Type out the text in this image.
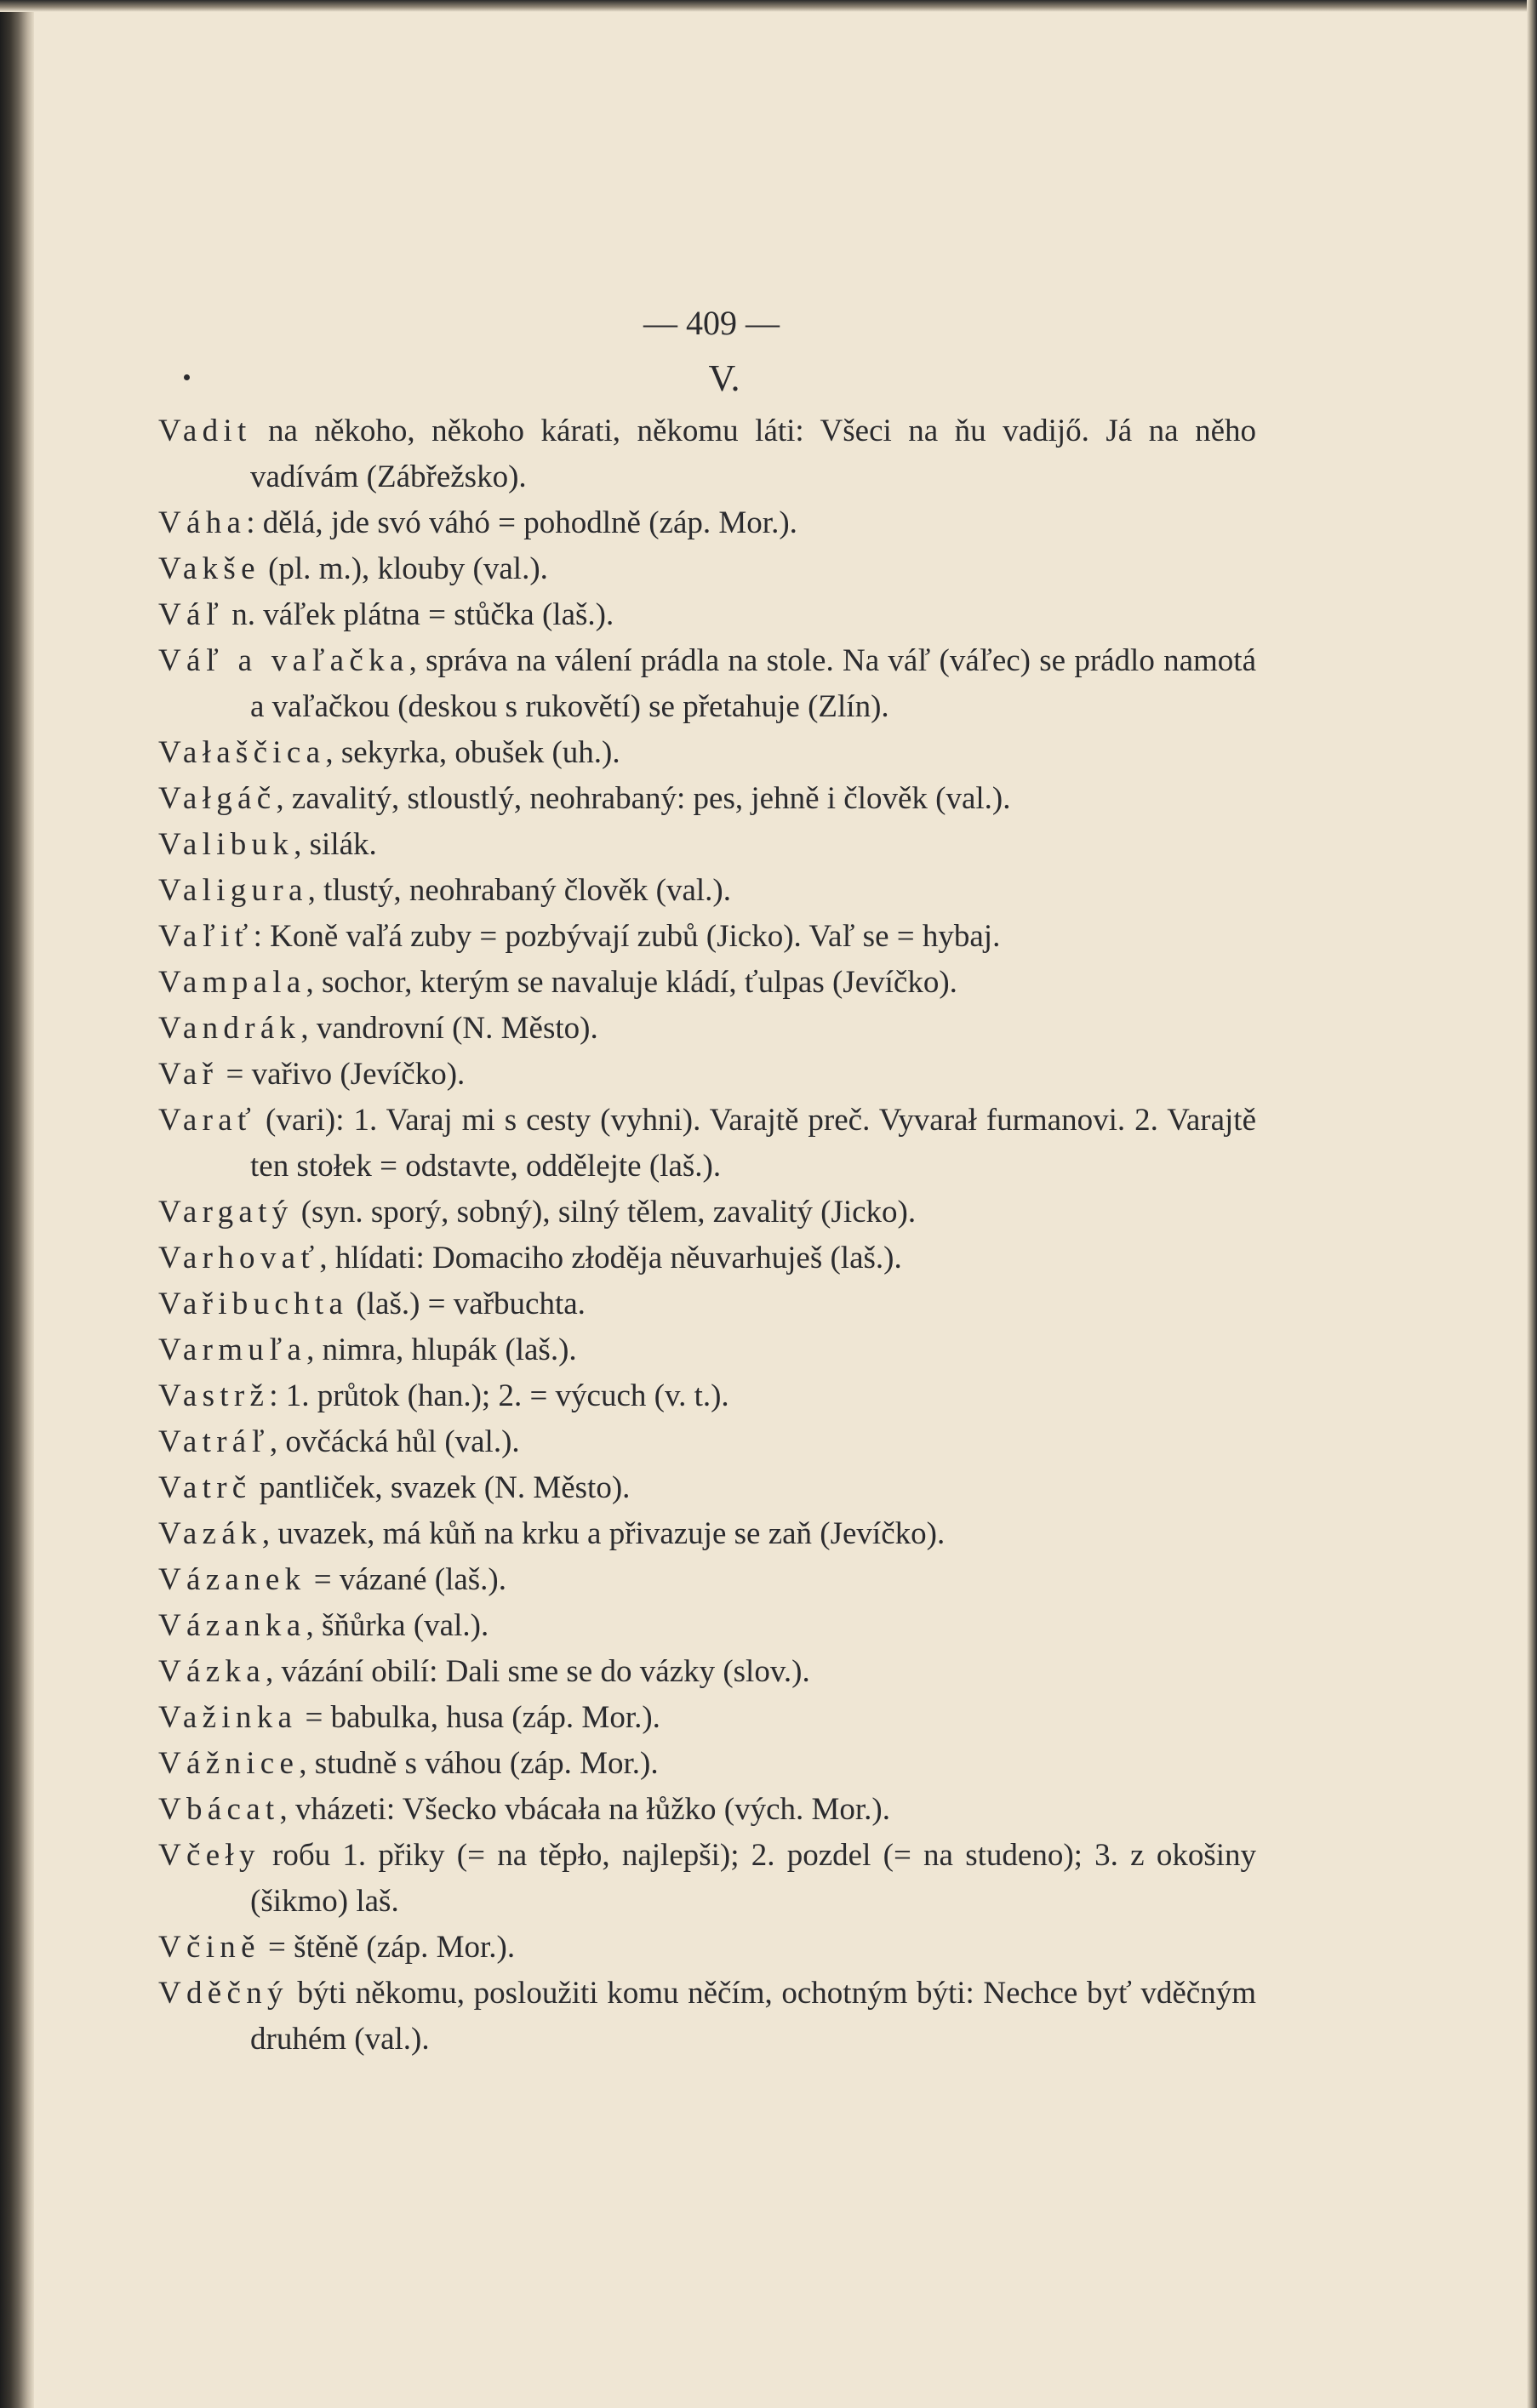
— 409 —
V.
Vadit na někoho, někoho kárati, někomu láti: Všeci na ňu vadijő. Já na něho vadívám (Zábřežsko).
Váha: dělá, jde svó váhó = pohodlně (záp. Mor.).
Vakše (pl. m.), klouby (val.).
Váľ n. váľek plátna = stůčka (laš.).
Váľ a vaľačka, správa na válení prádla na stole. Na váľ (váľec) se prádlo namotá a vaľačkou (deskou s rukovětí) se přetahuje (Zlín).
Vałaščica, sekyrka, obušek (uh.).
Vałgáč, zavalitý, stloustlý, neohrabaný: pes, jehně i člověk (val.).
Valibuk, silák.
Valigura, tlustý, neohrabaný člověk (val.).
Vaľiť: Koně vaľá zuby = pozbývají zubů (Jicko). Vaľ se = hybaj.
Vampala, sochor, kterým se navaluje kládí, ťulpas (Jevíčko).
Vandrák, vandrovní (N. Město).
Vař = vařivo (Jevíčko).
Varať (vari): 1. Varaj mi s cesty (vyhni). Varajtě preč. Vyvarał furmanovi. 2. Varajtě ten stołek = odstavte, oddělejte (laš.).
Vargatý (syn. sporý, sobný), silný tělem, zavalitý (Jicko).
Varhovať, hlídati: Domaciho złoděja něuvarhuješ (laš.).
Vařibuchta (laš.) = vařbuchta.
Varmuľa, nimra, hlupák (laš.).
Vastrž: 1. průtok (han.); 2. = výcuch (v. t.).
Vatráľ, ovčácká hůl (val.).
Vatrč pantliček, svazek (N. Město).
Vazák, uvazek, má kůň na krku a přivazuje se zaň (Jevíčko).
Vázanek = vázané (laš.).
Vázanka, šňůrka (val.).
Vázka, vázání obilí: Dali sme se do vázky (slov.).
Važinka = babulka, husa (záp. Mor.).
Vážnice, studně s váhou (záp. Mor.).
Vbácat, vházeti: Všecko vbácała na łůžko (vých. Mor.).
Včeły roбu 1. přiky (= na těpło, najlepši); 2. pozdel (= na studeno); 3. z okošiny (šikmo) laš.
Včině = štěně (záp. Mor.).
Vděčný býti někomu, posloužiti komu něčím, ochotným býti: Nechce byť vděčným druhém (val.).
